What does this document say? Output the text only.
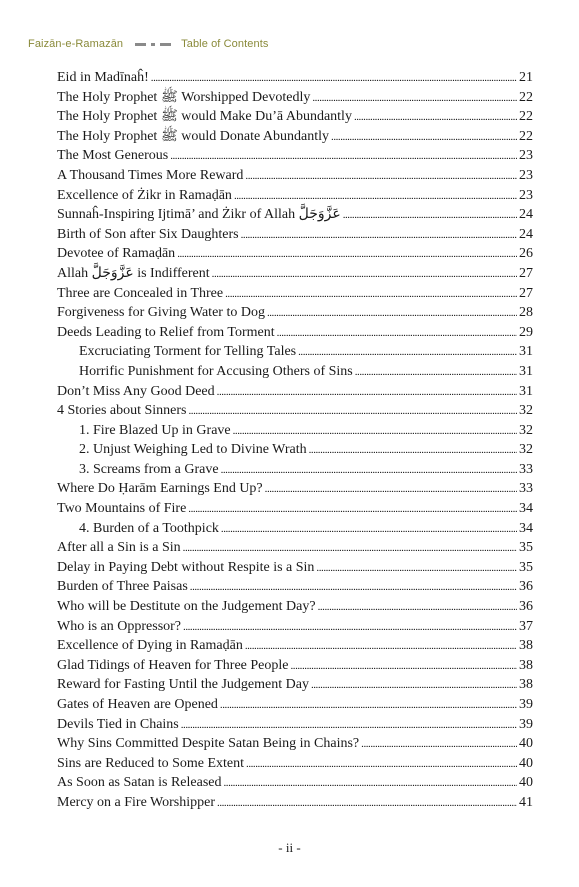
Faizān-e-Ramazān	Table of Contents
Eid in Madīnaĥ! . . .	21
The Holy Prophet ﷺ Worshipped Devotedly . . .	22
The Holy Prophet ﷺ would Make Du’ā Abundantly . . .	22
The Holy Prophet ﷺ would Donate Abundantly . . .	22
The Most Generous . . .	23
A Thousand Times More Reward . . .	23
Excellence of Żikr in Ramaḍān . . .	23
Sunnaĥ-Inspiring Ijtimā’ and Żikr of Allah عَزَّوَجَلَّ . . .	24
Birth of Son after Six Daughters . . .	24
Devotee of Ramaḍān . . .	26
Allah عَزَّوَجَلَّ is Indifferent . . .	27
Three are Concealed in Three . . .	27
Forgiveness for Giving Water to Dog . . .	28
Deeds Leading to Relief from Torment . . .	29
Excruciating Torment for Telling Tales . . .	31
Horrific Punishment for Accusing Others of Sins . . .	31
Don’t Miss Any Good Deed . . .	31
4 Stories about Sinners . . .	32
1. Fire Blazed Up in Grave . . .	32
2. Unjust Weighing Led to Divine Wrath . . .	32
3. Screams from a Grave . . .	33
Where Do Ḥarām Earnings End Up? . . .	33
Two Mountains of Fire . . .	34
4. Burden of a Toothpick . . .	34
After all a Sin is a Sin . . .	35
Delay in Paying Debt without Respite is a Sin . . .	35
Burden of Three Paisas . . .	36
Who will be Destitute on the Judgement Day? . . .	36
Who is an Oppressor? . . .	37
Excellence of Dying in Ramaḍān . . .	38
Glad Tidings of Heaven for Three People . . .	38
Reward for Fasting Until the Judgement Day . . .	38
Gates of Heaven are Opened . . .	39
Devils Tied in Chains . . .	39
Why Sins Committed Despite Satan Being in Chains? . . .	40
Sins are Reduced to Some Extent . . .	40
As Soon as Satan is Released . . .	40
Mercy on a Fire Worshipper . . .	41
- ii -
